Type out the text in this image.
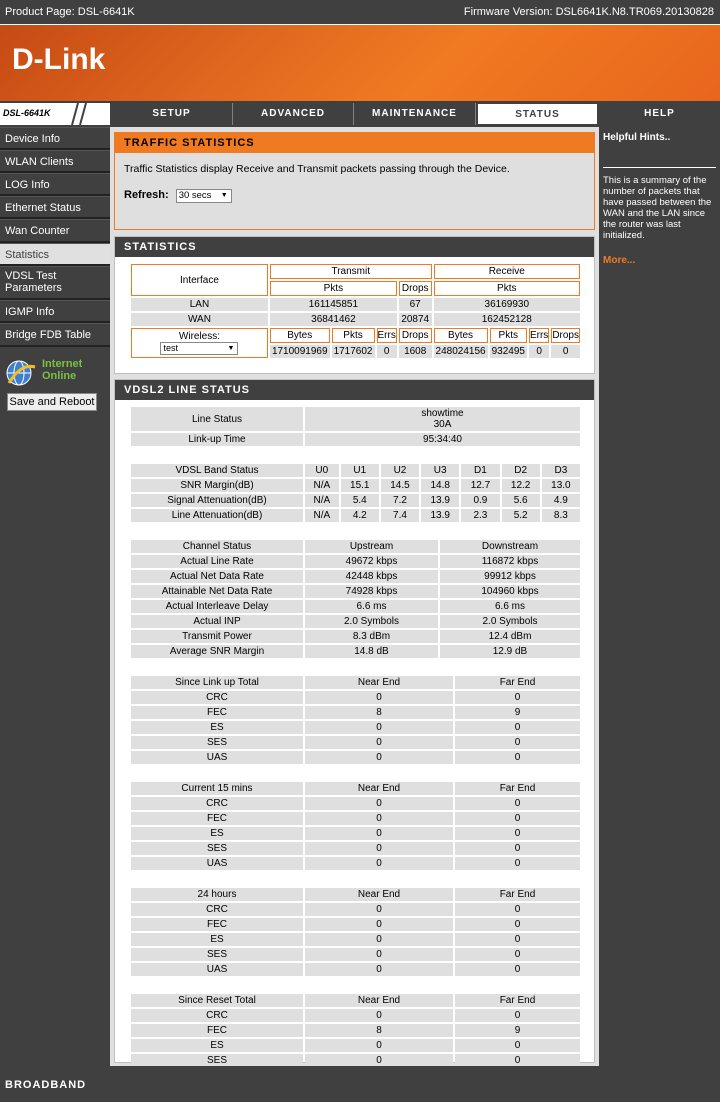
Product Page: DSL-6641K	Firmware Version: DSL6641K.N8.TR069.20130828
D-Link
DSL-6641K	SETUP	ADVANCED	MAINTENANCE	STATUS	HELP
Device Info
WLAN Clients
LOG Info
Ethernet Status
Wan Counter
Statistics
VDSL Test Parameters
IGMP Info
Bridge FDB Table
Internet
Online
Save and Reboot
TRAFFIC STATISTICS
Traffic Statistics display Receive and Transmit packets passing through the Device.
Refresh: 30 secs ▼
STATISTICS
Interface	Transmit				Receive			
	Pkts			Drops	Pkts			
LAN	161145851			67	36169930			
WAN	36841462			20874	162452128			

Wireless:
test ▼	Bytes	Pkts	Errs	Drops	Bytes	Pkts	Errs	Drops
	1710091969	1717602	0	1608	248024156	932495	0	0
VDSL2 LINE STATUS
Line Status	showtime
30A

Link-up Time	95:34:40
VDSL Band Status	U0	U1	U2	U3	D1	D2	D3
SNR Margin(dB)	N/A	15.1	14.5	14.8	12.7	12.2	13.0
Signal Attenuation(dB)	N/A	5.4	7.2	13.9	0.9	5.6	4.9
Line Attenuation(dB)	N/A	4.2	7.4	13.9	2.3	5.2	8.3
Channel Status	Upstream	Downstream
Actual Line Rate	49672 kbps	116872 kbps
Actual Net Data Rate	42448 kbps	99912 kbps
Attainable Net Data Rate	74928 kbps	104960 kbps
Actual Interleave Delay	6.6 ms	6.6 ms
Actual INP	2.0 Symbols	2.0 Symbols
Transmit Power	8.3 dBm	12.4 dBm
Average SNR Margin	14.8 dB	12.9 dB
Since Link up Total	Near End	Far End
CRC	0	0
FEC	8	9
ES	0	0
SES	0	0
UAS	0	0
Current 15 mins	Near End	Far End
CRC	0	0
FEC	0	0
ES	0	0
SES	0	0
UAS	0	0
24 hours	Near End	Far End
CRC	0	0
FEC	0	0
ES	0	0
SES	0	0
UAS	0	0
Since Reset Total	Near End	Far End
CRC	0	0
FEC	8	9
ES	0	0
SES	0	0

Helpful Hints..

This is a summary of the number of packets that have passed between the WAN and the LAN since the router was last initialized.

More...
BROADBAND
